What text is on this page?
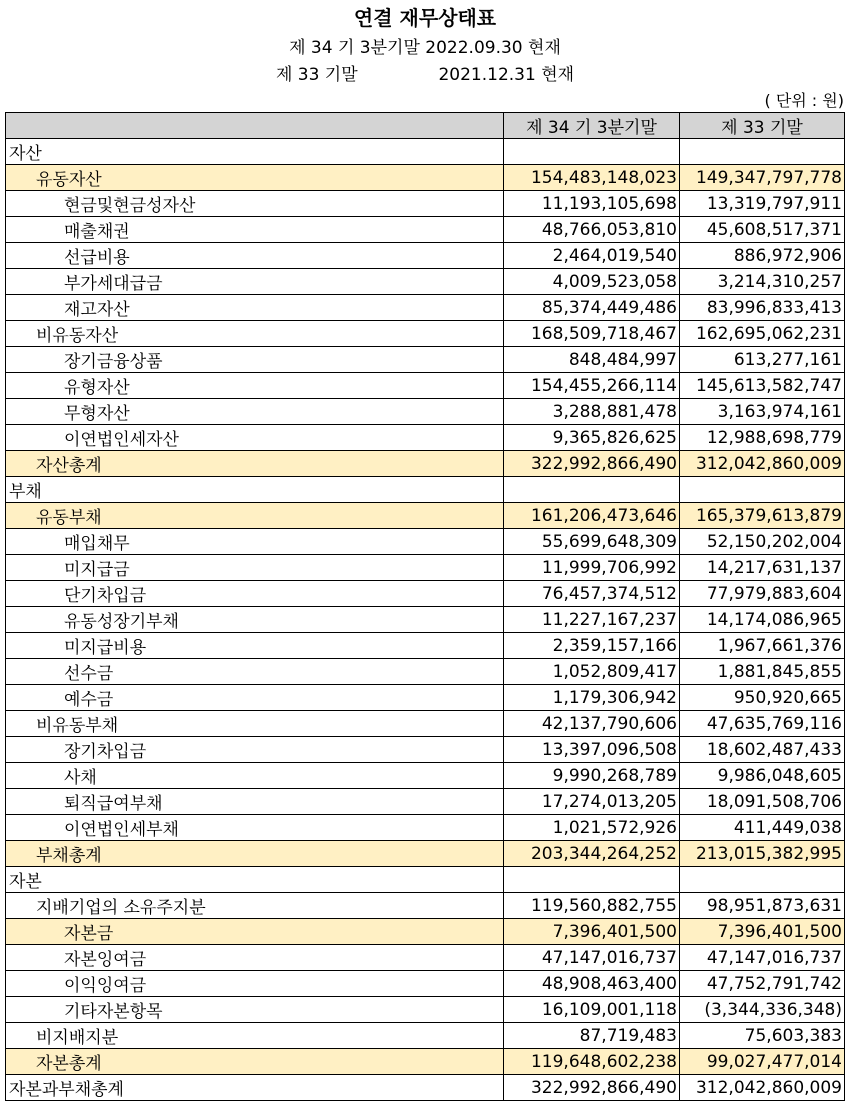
연결 재무상태표
제 34 기 3분기말 2022.09.30 현재
제 33 기말	2021.12.31 현재
( 단위 : 원)
	제 34 기 3분기말	제 33 기말
자산		
유동자산	154,483,148,023	149,347,797,778
현금및현금성자산	11,193,105,698	13,319,797,911
매출채권	48,766,053,810	45,608,517,371
선급비용	2,464,019,540	886,972,906
부가세대급금	4,009,523,058	3,214,310,257
재고자산	85,374,449,486	83,996,833,413
비유동자산	168,509,718,467	162,695,062,231
장기금융상품	848,484,997	613,277,161
유형자산	154,455,266,114	145,613,582,747
무형자산	3,288,881,478	3,163,974,161
이연법인세자산	9,365,826,625	12,988,698,779
자산총계	322,992,866,490	312,042,860,009
부채		
유동부채	161,206,473,646	165,379,613,879
매입채무	55,699,648,309	52,150,202,004
미지급금	11,999,706,992	14,217,631,137
단기차입금	76,457,374,512	77,979,883,604
유동성장기부채	11,227,167,237	14,174,086,965
미지급비용	2,359,157,166	1,967,661,376
선수금	1,052,809,417	1,881,845,855
예수금	1,179,306,942	950,920,665
비유동부채	42,137,790,606	47,635,769,116
장기차입금	13,397,096,508	18,602,487,433
사채	9,990,268,789	9,986,048,605
퇴직급여부채	17,274,013,205	18,091,508,706
이연법인세부채	1,021,572,926	411,449,038
부채총계	203,344,264,252	213,015,382,995
자본		
지배기업의 소유주지분	119,560,882,755	98,951,873,631
자본금	7,396,401,500	7,396,401,500
자본잉여금	47,147,016,737	47,147,016,737
이익잉여금	48,908,463,400	47,752,791,742
기타자본항목	16,109,001,118	(3,344,336,348)
비지배지분	87,719,483	75,603,383
자본총계	119,648,602,238	99,027,477,014
자본과부채총계	322,992,866,490	312,042,860,009
